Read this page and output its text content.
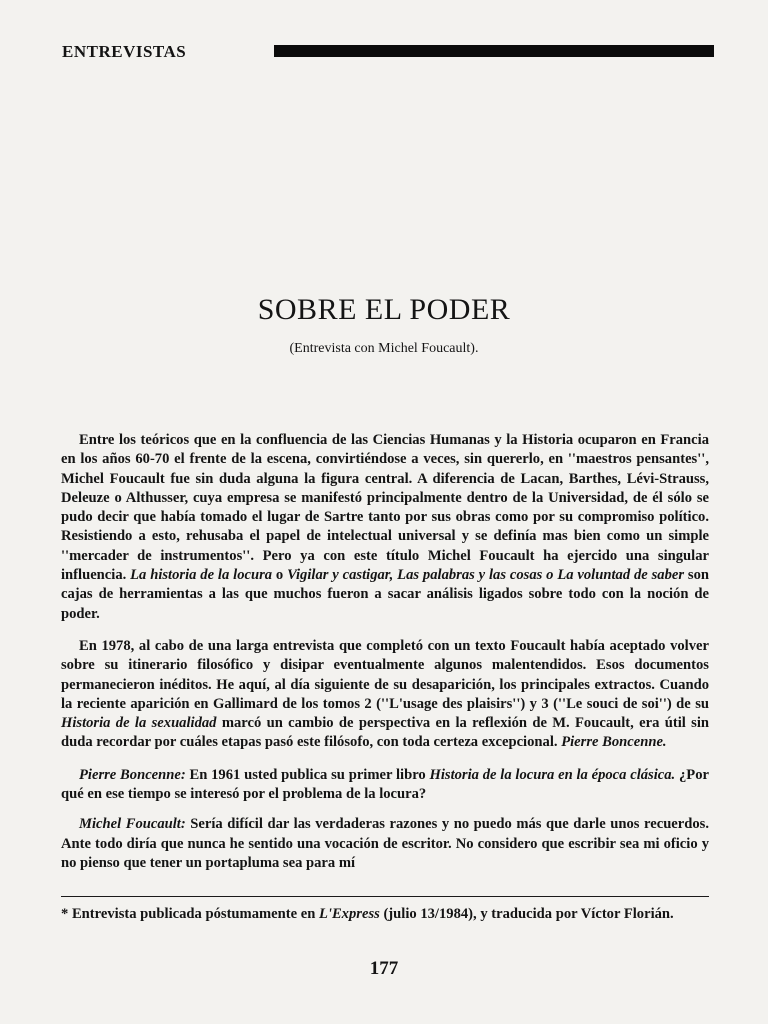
ENTREVISTAS
SOBRE EL PODER
(Entrevista con Michel Foucault).

Entre los teóricos que en la confluencia de las Ciencias Humanas y la Historia ocuparon en Francia en los años 60-70 el frente de la escena, convirtiéndose a veces, sin quererlo, en ''maestros pensantes'', Michel Foucault fue sin duda alguna la figura central. A diferencia de Lacan, Barthes, Lévi-Strauss, Deleuze o Althusser, cuya empresa se manifestó principalmente dentro de la Universidad, de él sólo se pudo decir que había tomado el lugar de Sartre tanto por sus obras como por su compromiso político. Resistiendo a esto, rehusaba el papel de intelectual universal y se definía mas bien como un simple ''mercader de instrumentos''. Pero ya con este título Michel Foucault ha ejercido una singular influencia. La historia de la locura o Vigilar y castigar, Las palabras y las cosas o La voluntad de saber son cajas de herramientas a las que muchos fueron a sacar análisis ligados sobre todo con la noción de poder.

En 1978, al cabo de una larga entrevista que completó con un texto Foucault había aceptado volver sobre su itinerario filosófico y disipar eventualmente algunos malentendidos. Esos documentos permanecieron inéditos. He aquí, al día siguiente de su desaparición, los principales extractos. Cuando la reciente aparición en Gallimard de los tomos 2 (''L'usage des plaisirs'') y 3 (''Le souci de soi'') de su Historia de la sexualidad marcó un cambio de perspectiva en la reflexión de M. Foucault, era útil sin duda recordar por cuáles etapas pasó este filósofo, con toda certeza excepcional. Pierre Boncenne.

Pierre Boncenne: En 1961 usted publica su primer libro Historia de la locura en la época clásica. ¿Por qué en ese tiempo se interesó por el problema de la locura?

Michel Foucault: Sería difícil dar las verdaderas razones y no puedo más que darle unos recuerdos. Ante todo diría que nunca he sentido una vocación de escritor. No considero que escribir sea mi oficio y no pienso que tener un portapluma sea para mí

* Entrevista publicada póstumamente en L'Express (julio 13/1984), y traducida por Víctor Florián.
177
